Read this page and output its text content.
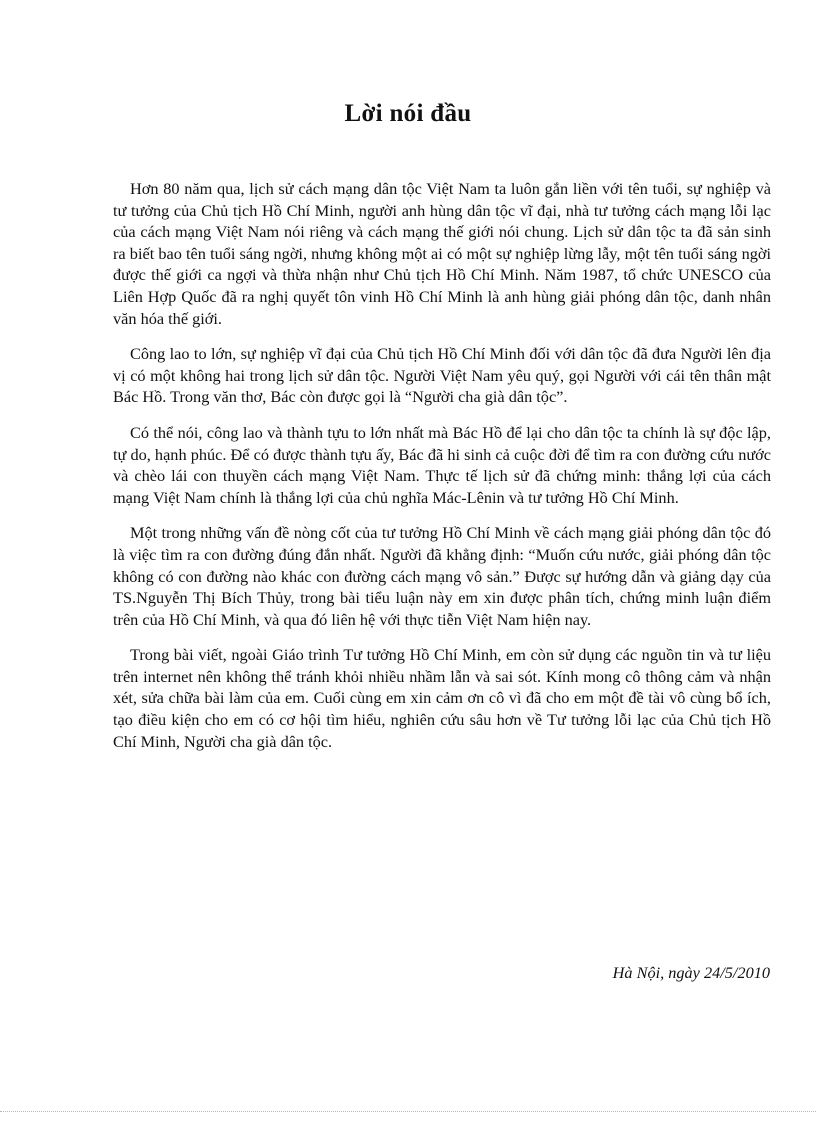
Lời nói đầu

Hơn 80 năm qua, lịch sử cách mạng dân tộc Việt Nam ta luôn gắn liền với tên tuổi, sự nghiệp và tư tưởng của Chủ tịch Hồ Chí Minh, người anh hùng dân tộc vĩ đại, nhà tư tưởng cách mạng lỗi lạc của cách mạng Việt Nam nói riêng và cách mạng thế giới nói chung. Lịch sử dân tộc ta đã sản sinh ra biết bao tên tuổi sáng ngời, nhưng không một ai có một sự nghiệp lừng lẫy, một tên tuổi sáng ngời được thế giới ca ngợi và thừa nhận như Chủ tịch Hồ Chí Minh. Năm 1987, tổ chức UNESCO của Liên Hợp Quốc đã ra nghị quyết tôn vinh Hồ Chí Minh là anh hùng giải phóng dân tộc, danh nhân văn hóa thế giới.

Công lao to lớn, sự nghiệp vĩ đại của Chủ tịch Hồ Chí Minh đối với dân tộc đã đưa Người lên địa vị có một không hai trong lịch sử dân tộc. Người Việt Nam yêu quý, gọi Người với cái tên thân mật Bác Hồ. Trong văn thơ, Bác còn được gọi là “Người cha già dân tộc”.

Có thể nói, công lao và thành tựu to lớn nhất mà Bác Hồ để lại cho dân tộc ta chính là sự độc lập, tự do, hạnh phúc. Để có được thành tựu ấy, Bác đã hi sinh cả cuộc đời để tìm ra con đường cứu nước và chèo lái con thuyền cách mạng Việt Nam. Thực tế lịch sử đã chứng minh: thắng lợi của cách mạng Việt Nam chính là thắng lợi của chủ nghĩa Mác-Lênin và tư tưởng Hồ Chí Minh.

Một trong những vấn đề nòng cốt của tư tưởng Hồ Chí Minh về cách mạng giải phóng dân tộc đó là việc tìm ra con đường đúng đắn nhất. Người đã khẳng định: “Muốn cứu nước, giải phóng dân tộc không có con đường nào khác con đường cách mạng vô sản.” Được sự hướng dẫn và giảng dạy của TS.Nguyễn Thị Bích Thủy, trong bài tiểu luận này em xin được phân tích, chứng minh luận điểm trên của Hồ Chí Minh, và qua đó liên hệ với thực tiễn Việt Nam hiện nay.

Trong bài viết, ngoài Giáo trình Tư tưởng Hồ Chí Minh, em còn sử dụng các nguồn tin và tư liệu trên internet nên không thể tránh khỏi nhiều nhầm lẫn và sai sót. Kính mong cô thông cảm và nhận xét, sửa chữa bài làm của em. Cuối cùng em xin cảm ơn cô vì đã cho em một đề tài vô cùng bổ ích, tạo điều kiện cho em có cơ hội tìm hiểu, nghiên cứu sâu hơn về Tư tưởng lỗi lạc của Chủ tịch Hồ Chí Minh, Người cha già dân tộc.

Hà Nội, ngày 24/5/2010
